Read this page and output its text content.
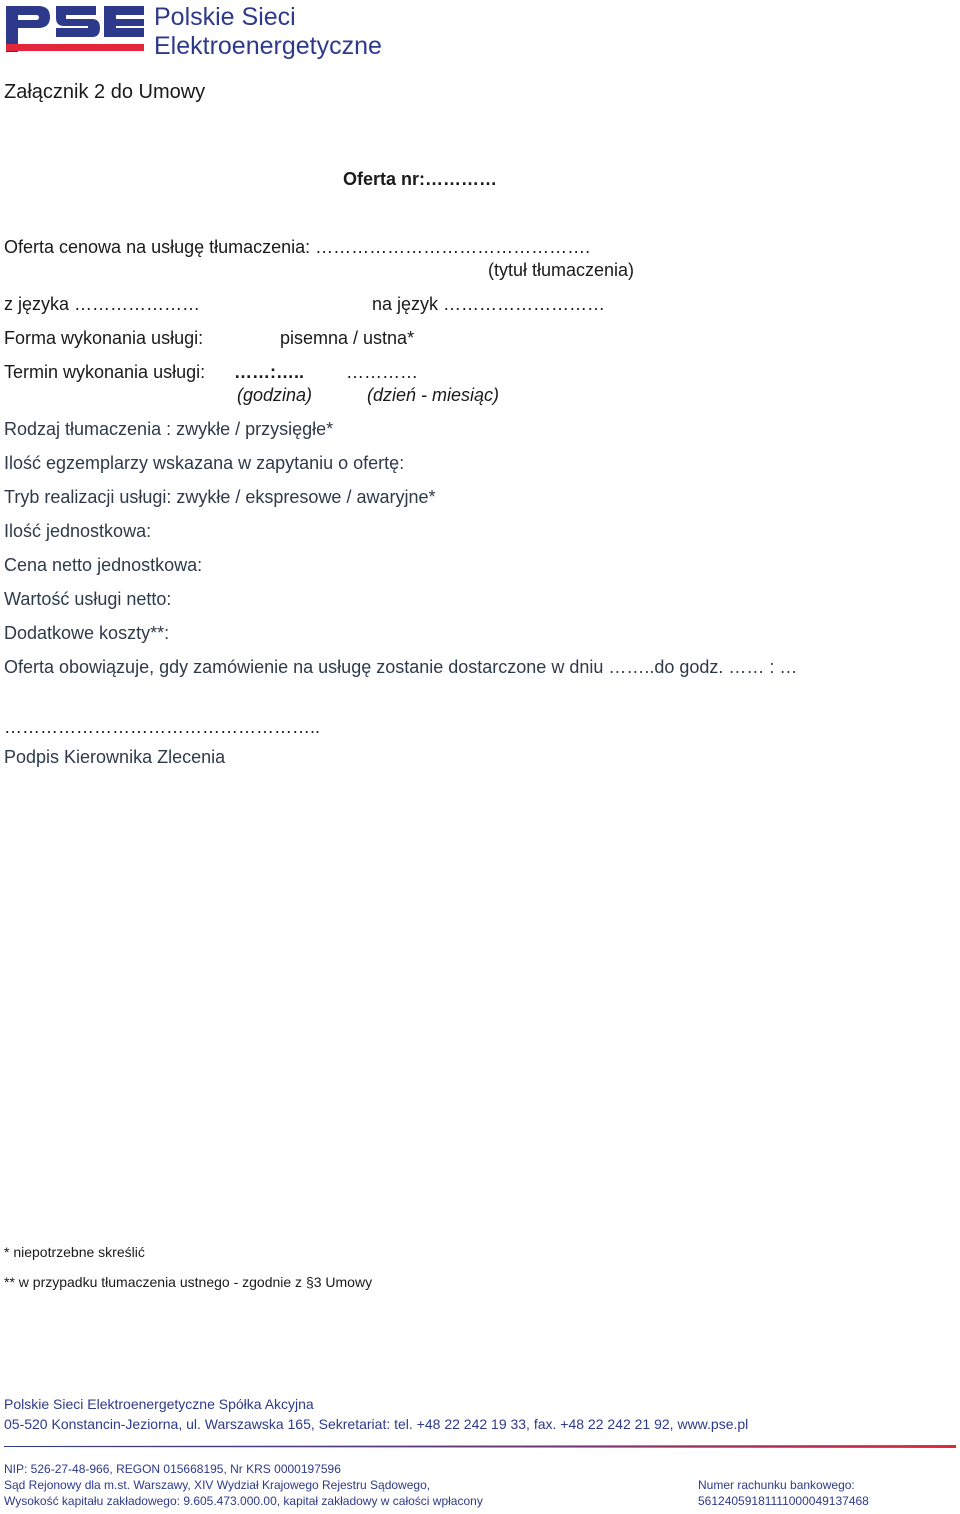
Polskie Sieci
Elektroenergetyczne
Załącznik 2 do Umowy
Oferta nr:…………
Oferta cenowa na usługę tłumaczenia: ……………………………………….
(tytuł tłumaczenia)
z języka …………………	na język ………………………
Forma wykonania usługi:	pisemna / ustna*
Termin wykonania usługi: ……:….. …………
(godzina)	(dzień - miesiąc)
Rodzaj tłumaczenia : zwykłe / przysięgłe*
Ilość egzemplarzy wskazana w zapytaniu o ofertę:
Tryb realizacji usługi: zwykłe / ekspresowe / awaryjne*
Ilość jednostkowa:
Cena netto jednostkowa:
Wartość usługi netto:
Dodatkowe koszty**:
Oferta obowiązuje, gdy zamówienie na usługę zostanie dostarczone w dniu ……..do godz. …… : …
……………………………………………..
Podpis Kierownika Zlecenia
* niepotrzebne skreślić
** w przypadku tłumaczenia ustnego - zgodnie z §3 Umowy
Polskie Sieci Elektroenergetyczne Spółka Akcyjna
05-520 Konstancin-Jeziorna, ul. Warszawska 165, Sekretariat: tel. +48 22 242 19 33, fax. +48 22 242 21 92, www.pse.pl
NIP: 526-27-48-966, REGON 015668195, Nr KRS 0000197596
Sąd Rejonowy dla m.st. Warszawy, XIV Wydział Krajowego Rejestru Sądowego,
Wysokość kapitału zakładowego: 9.605.473.000.00, kapitał zakładowy w całości wpłacony
Numer rachunku bankowego:
56124059181111000049137468
